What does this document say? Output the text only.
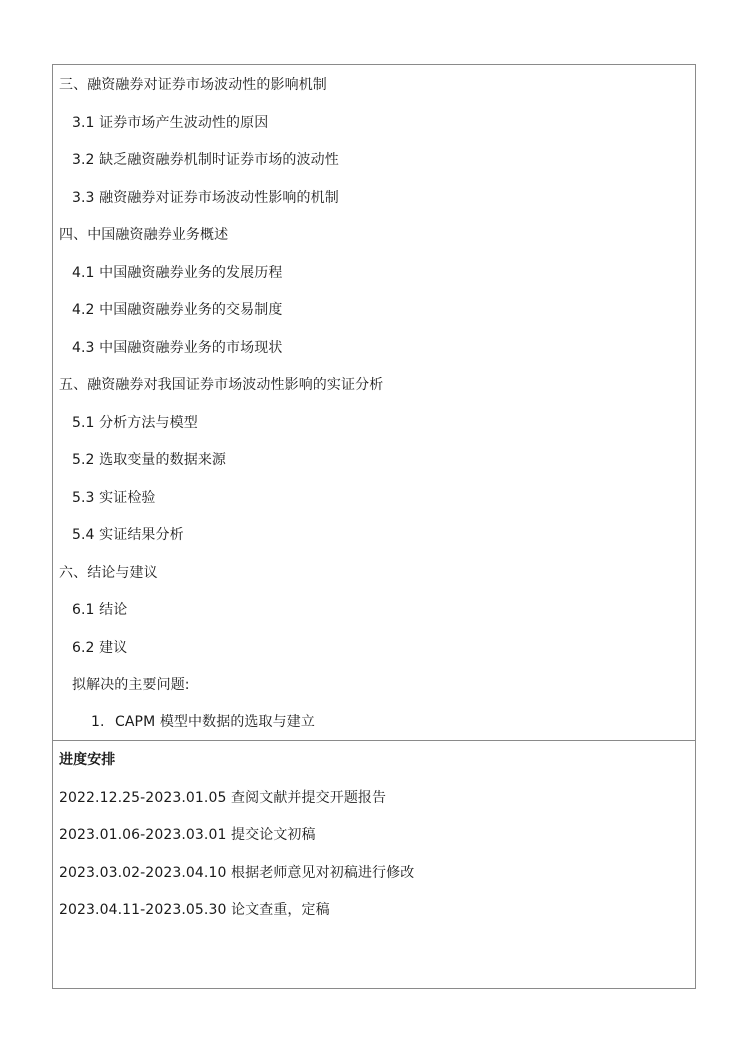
三、融资融券对证券市场波动性的影响机制
3.1 证券市场产生波动性的原因
3.2 缺乏融资融券机制时证券市场的波动性
3.3 融资融券对证券市场波动性影响的机制
四、中国融资融券业务概述
4.1 中国融资融券业务的发展历程
4.2 中国融资融券业务的交易制度
4.3 中国融资融券业务的市场现状
五、融资融券对我国证券市场波动性影响的实证分析
5.1 分析方法与模型
5.2 选取变量的数据来源
5.3 实证检验
5.4 实证结果分析
六、结论与建议
6.1 结论
6.2 建议
拟解决的主要问题:
1. CAPM 模型中数据的选取与建立
进度安排
2022.12.25-2023.01.05 查阅文献并提交开题报告
2023.01.06-2023.03.01 提交论文初稿
2023.03.02-2023.04.10 根据老师意见对初稿进行修改
2023.04.11-2023.05.30 论文查重，定稿
